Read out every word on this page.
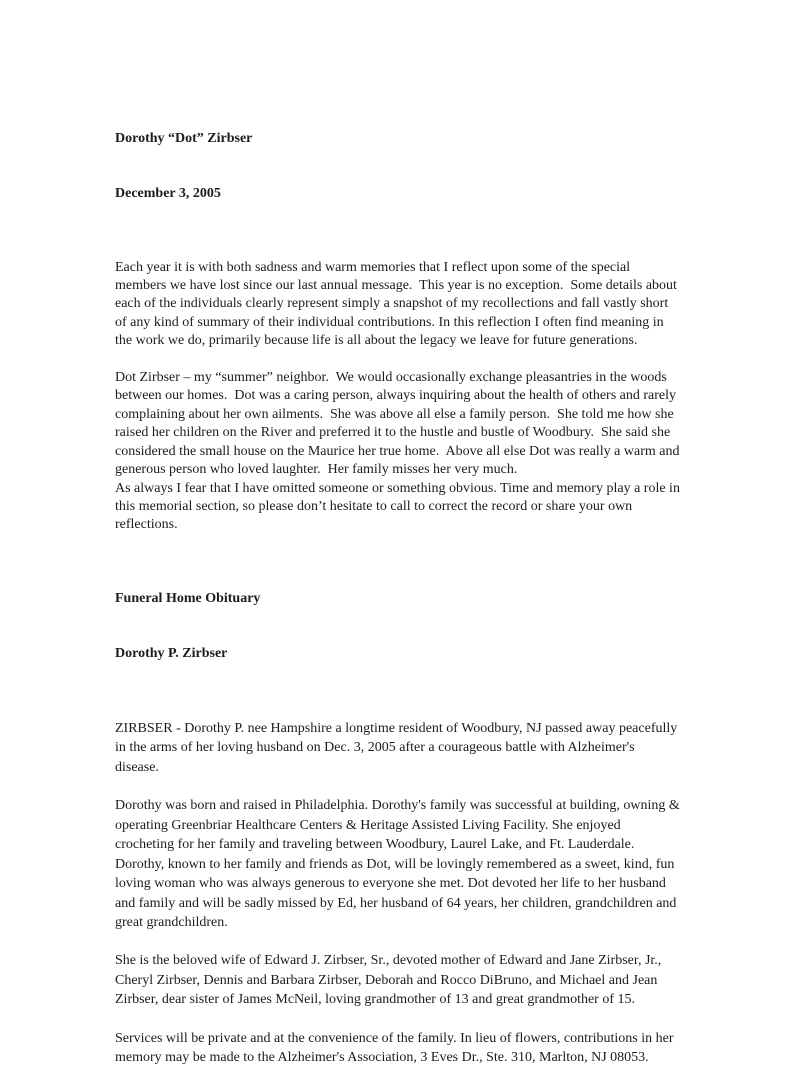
Dorothy “Dot” Zirbser

December 3, 2005

Each year it is with both sadness and warm memories that I reflect upon some of the special members we have lost since our last annual message.  This year is no exception.  Some details about each of the individuals clearly represent simply a snapshot of my recollections and fall vastly short of any kind of summary of their individual contributions. In this reflection I often find meaning in the work we do, primarily because life is all about the legacy we leave for future generations.
Dot Zirbser – my “summer” neighbor.  We would occasionally exchange pleasantries in the woods between our homes.  Dot was a caring person, always inquiring about the health of others and rarely complaining about her own ailments.  She was above all else a family person.  She told me how she raised her children on the River and preferred it to the hustle and bustle of Woodbury.  She said she considered the small house on the Maurice her true home.  Above all else Dot was really a warm and generous person who loved laughter.  Her family misses her very much.
As always I fear that I have omitted someone or something obvious. Time and memory play a role in this memorial section, so please don’t hesitate to call to correct the record or share your own reflections.

Funeral Home Obituary

Dorothy P. Zirbser

ZIRBSER - Dorothy P. nee Hampshire a longtime resident of Woodbury, NJ passed away peacefully in the arms of her loving husband on Dec. 3, 2005 after a courageous battle with Alzheimer's disease.
Dorothy was born and raised in Philadelphia. Dorothy's family was successful at building, owning & operating Greenbriar Healthcare Centers & Heritage Assisted Living Facility. She enjoyed crocheting for her family and traveling between Woodbury, Laurel Lake, and Ft. Lauderdale. Dorothy, known to her family and friends as Dot, will be lovingly remembered as a sweet, kind, fun loving woman who was always generous to everyone she met. Dot devoted her life to her husband and family and will be sadly missed by Ed, her husband of 64 years, her children, grandchildren and great grandchildren.
She is the beloved wife of Edward J. Zirbser, Sr., devoted mother of Edward and Jane Zirbser, Jr., Cheryl Zirbser, Dennis and Barbara Zirbser, Deborah and Rocco DiBruno, and Michael and Jean Zirbser, dear sister of James McNeil, loving grandmother of 13 and great grandmother of 15.
Services will be private and at the convenience of the family. In lieu of flowers, contributions in her memory may be made to the Alzheimer's Association, 3 Eves Dr., Ste. 310, Marlton, NJ 08053.
